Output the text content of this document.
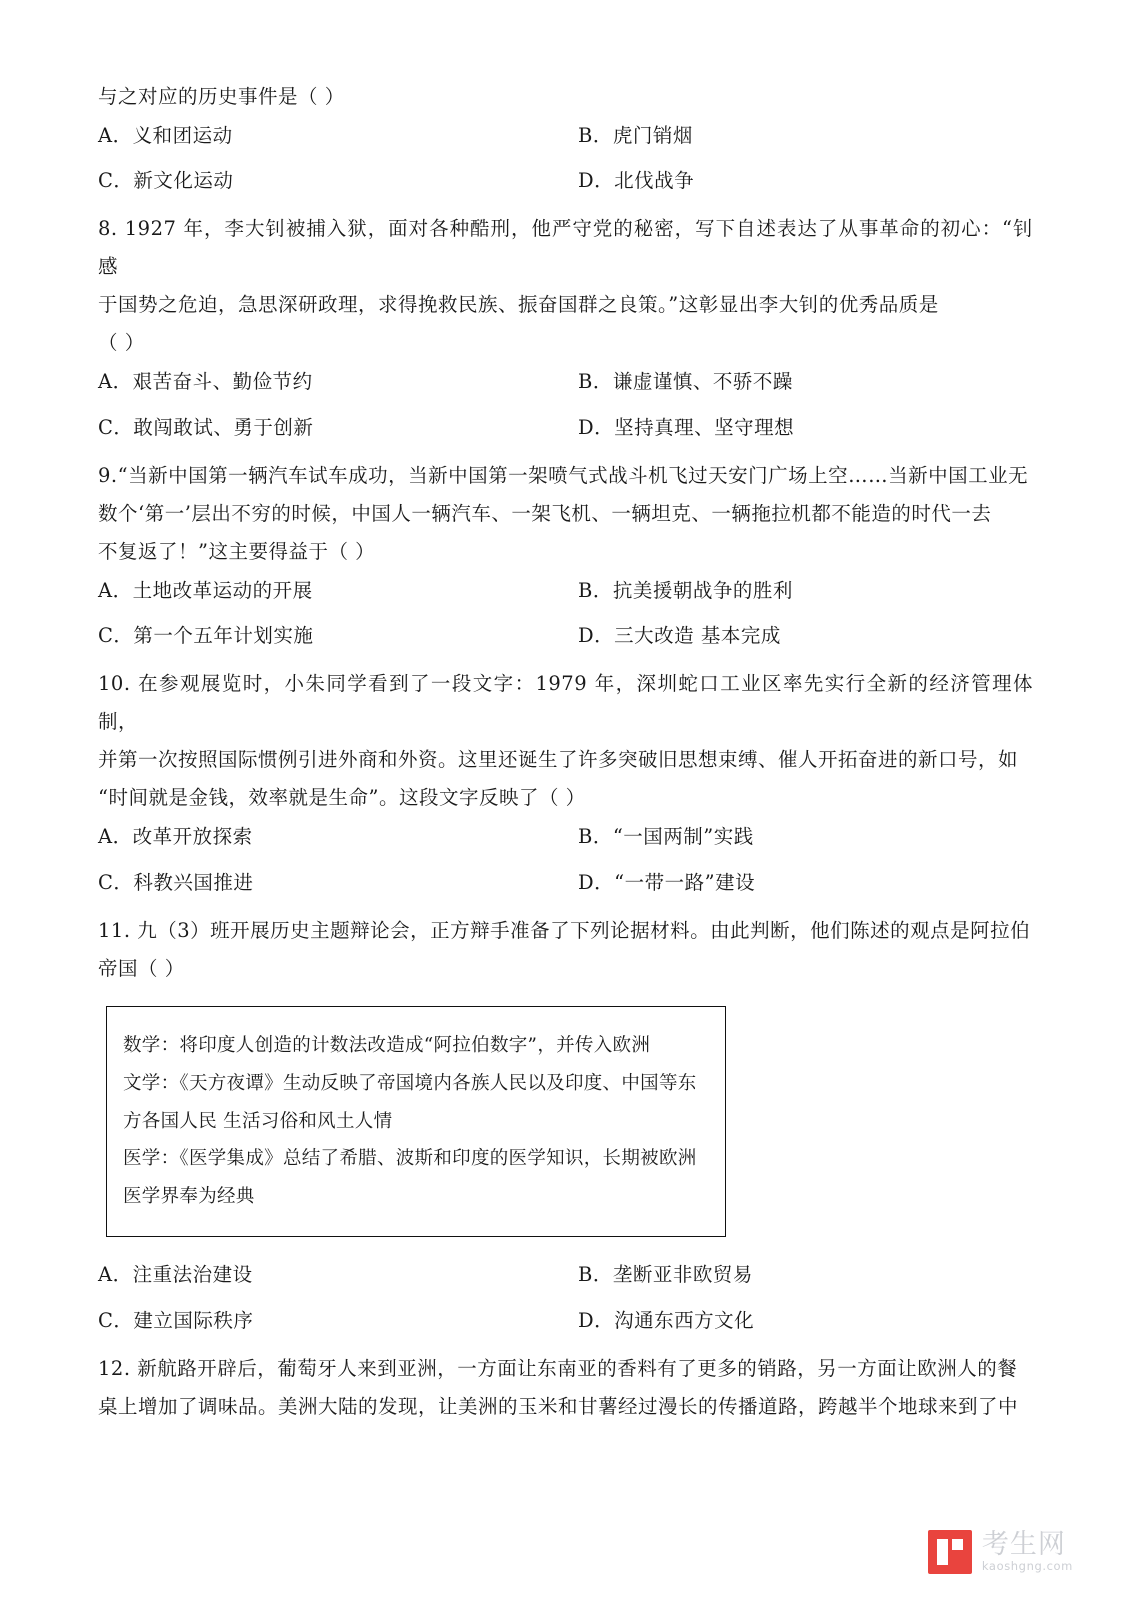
与之对应的历史事件是（ ）

A．义和团运动	B．虎门销烟
C．新文化运动	D．北伐战争

8. 1927 年，李大钊被捕入狱，面对各种酷刑，他严守党的秘密，写下自述表达了从事革命的初心：“钊感
于国势之危迫，急思深研政理，求得挽救民族、振奋国群之良策。”这彰显出李大钊的优秀品质是
（ ）

A．艰苦奋斗、勤俭节约	B．谦虚谨慎、不骄不躁
C．敢闯敢试、勇于创新	D．坚持真理、坚守理想

9.“当新中国第一辆汽车试车成功，当新中国第一架喷气式战斗机飞过天安门广场上空……当新中国工业无
数个‘第一’层出不穷的时候，中国人一辆汽车、一架飞机、一辆坦克、一辆拖拉机都不能造的时代一去
不复返了！”这主要得益于（ ）

A．土地改革运动的开展	B．抗美援朝战争的胜利
C．第一个五年计划实施	D．三大改造 基本完成

10. 在参观展览时，小朱同学看到了一段文字：1979 年，深圳蛇口工业区率先实行全新的经济管理体制，
并第一次按照国际惯例引进外商和外资。这里还诞生了许多突破旧思想束缚、催人开拓奋进的新口号，如
“时间就是金钱，效率就是生命”。这段文字反映了（ ）

A．改革开放探索	B．“一国两制”实践
C．科教兴国推进	D．“一带一路”建设

11. 九（3）班开展历史主题辩论会，正方辩手准备了下列论据材料。由此判断，他们陈述的观点是阿拉伯
帝国（ ）

数学：将印度人创造的计数法改造成“阿拉伯数字”，并传入欧洲
文学：《天方夜谭》生动反映了帝国境内各族人民以及印度、中国等东
方各国人民 生活习俗和风土人情
医学：《医学集成》总结了希腊、波斯和印度的医学知识，长期被欧洲
医学界奉为经典
A．注重法治建设	B．垄断亚非欧贸易
C．建立国际秩序	D．沟通东西方文化

12. 新航路开辟后，葡萄牙人来到亚洲，一方面让东南亚的香料有了更多的销路，另一方面让欧洲人的餐
桌上增加了调味品。美洲大陆的发现，让美洲的玉米和甘薯经过漫长的传播道路，跨越半个地球来到了中

考生网
kaoshgng.com
